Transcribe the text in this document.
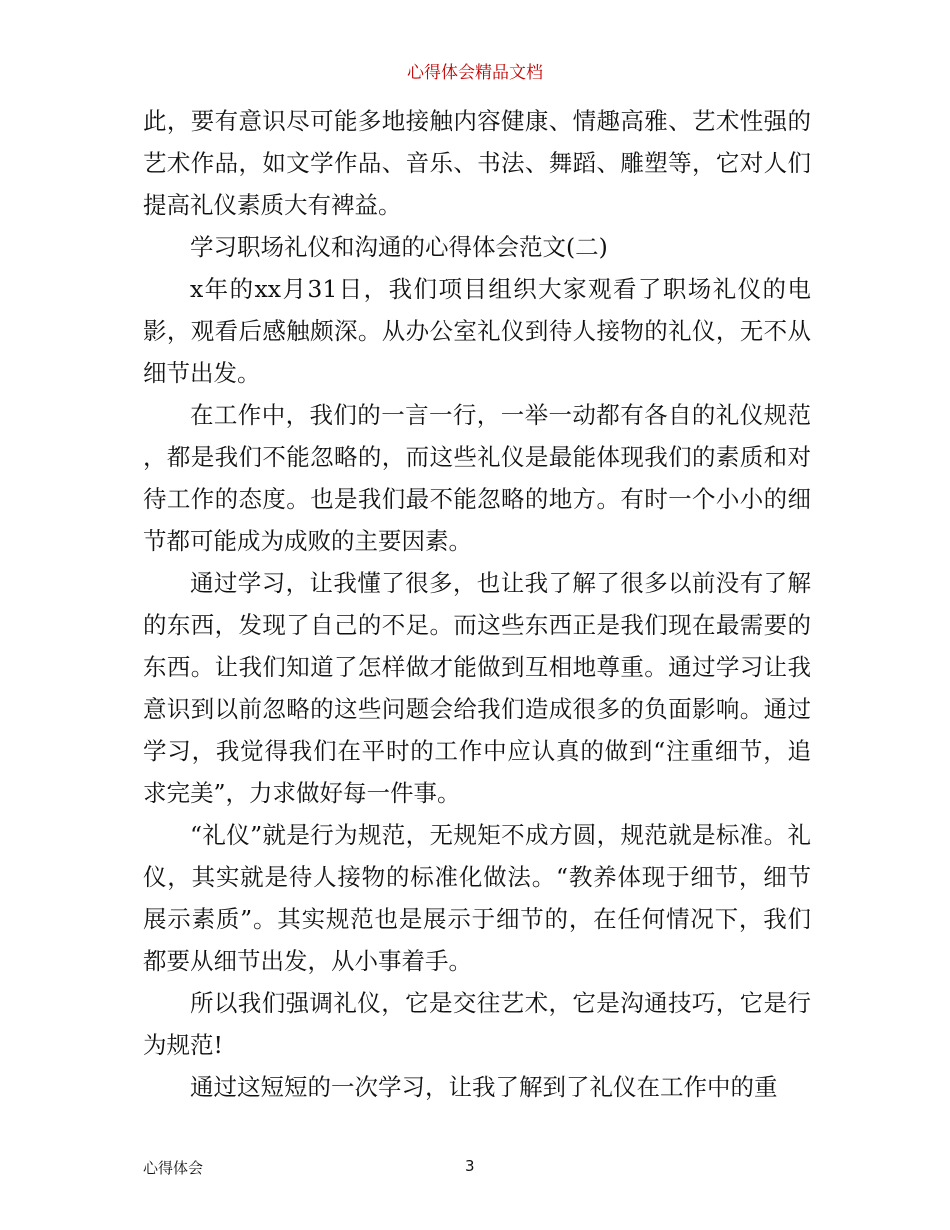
心得体会精品文档

此，要有意识尽可能多地接触内容健康、情趣高雅、艺术性强的艺术作品，如文学作品、音乐、书法、舞蹈、雕塑等，它对人们提高礼仪素质大有裨益。

学习职场礼仪和沟通的心得体会范文(二)

x年的xx月31日，我们项目组织大家观看了职场礼仪的电影，观看后感触颇深。从办公室礼仪到待人接物的礼仪，无不从细节出发。

在工作中，我们的一言一行，一举一动都有各自的礼仪规范 ，都是我们不能忽略的，而这些礼仪是最能体现我们的素质和对待工作的态度。也是我们最不能忽略的地方。有时一个小小的细节都可能成为成败的主要因素。

通过学习，让我懂了很多，也让我了解了很多以前没有了解的东西，发现了自己的不足。而这些东西正是我们现在最需要的东西。让我们知道了怎样做才能做到互相地尊重。通过学习让我意识到以前忽略的这些问题会给我们造成很多的负面影响。通过学习，我觉得我们在平时的工作中应认真的做到“注重细节，追求完美”，力求做好每一件事。

“礼仪”就是行为规范，无规矩不成方圆，规范就是标准。礼仪，其实就是待人接物的标准化做法。“教养体现于细节，细节展示素质”。其实规范也是展示于细节的，在任何情况下，我们都要从细节出发，从小事着手。

所以我们强调礼仪，它是交往艺术，它是沟通技巧，它是行为规范!

通过这短短的一次学习，让我了解到了礼仪在工作中的重

心得体会	3
